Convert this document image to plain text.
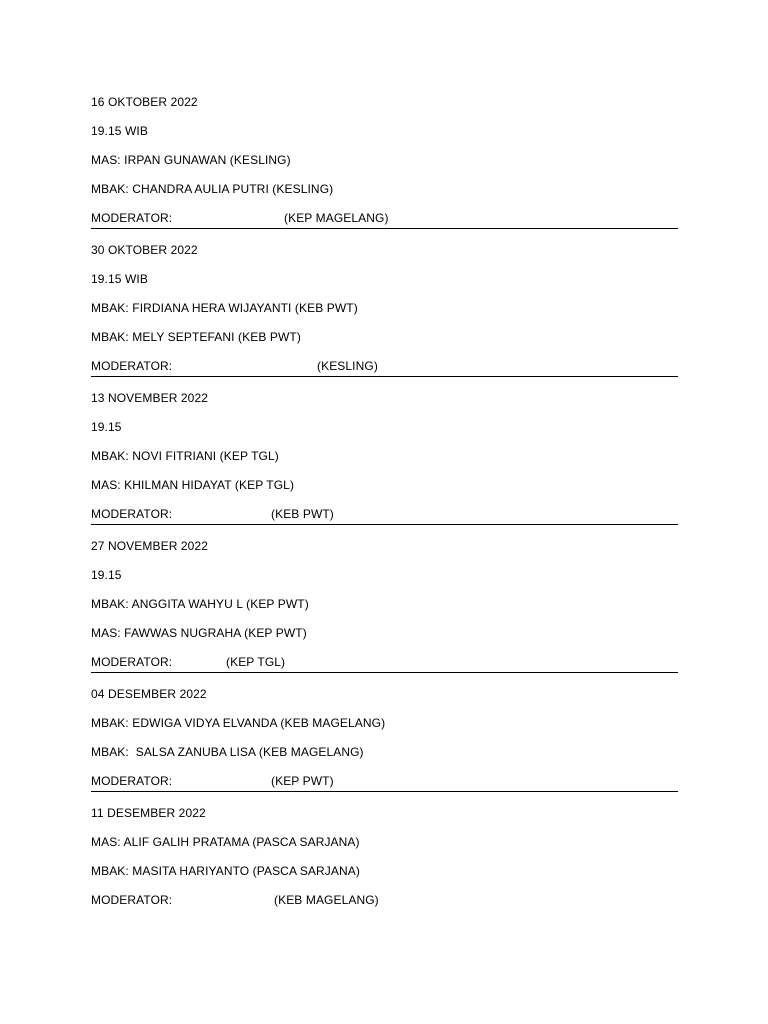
16 OKTOBER 2022
19.15 WIB
MAS: IRPAN GUNAWAN (KESLING)
MBAK: CHANDRA AULIA PUTRI (KESLING)

MODERATOR:

	(KEP MAGELANG)

30 OKTOBER 2022
19.15 WIB
MBAK: FIRDIANA HERA WIJAYANTI (KEB PWT)
MBAK: MELY SEPTEFANI (KEB PWT)

MODERATOR:

	(KESLING)

13 NOVEMBER 2022
19.15
MBAK: NOVI FITRIANI (KEP TGL)
MAS: KHILMAN HIDAYAT (KEP TGL)

MODERATOR:

	(KEB PWT)

27 NOVEMBER 2022
19.15
MBAK: ANGGITA WAHYU L (KEP PWT)
MAS: FAWWAS NUGRAHA (KEP PWT)

MODERATOR:

	(KEP TGL)

04 DESEMBER 2022
MBAK: EDWIGA VIDYA ELVANDA (KEB MAGELANG)
MBAK:  SALSA ZANUBA LISA (KEB MAGELANG)

MODERATOR:

	(KEP PWT)

11 DESEMBER 2022
MAS: ALIF GALIH PRATAMA (PASCA SARJANA)
MBAK: MASITA HARIYANTO (PASCA SARJANA)

MODERATOR:

	(KEB MAGELANG)
